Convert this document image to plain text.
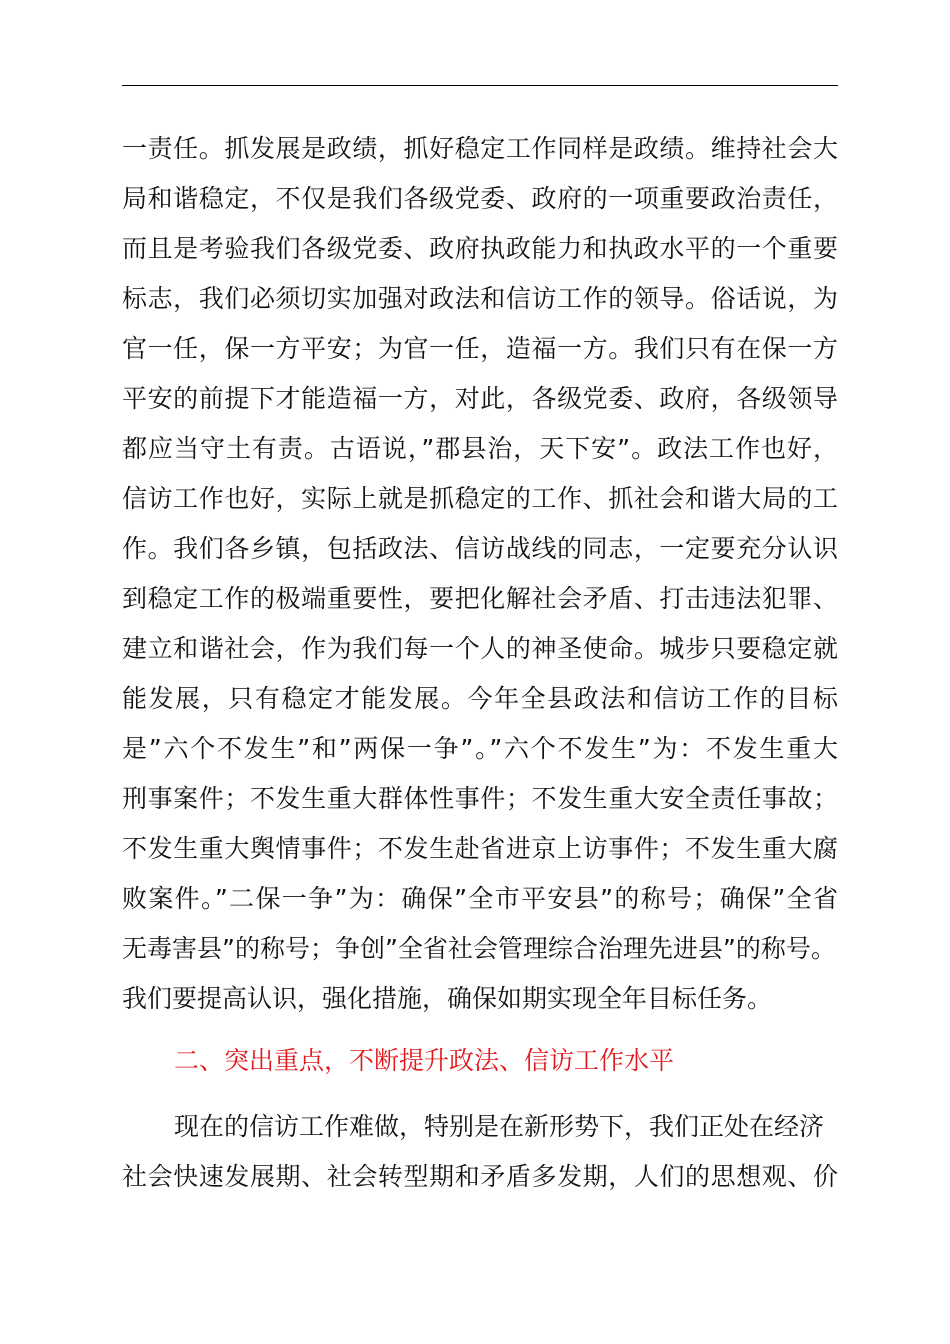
一责任。抓发展是政绩，抓好稳定工作同样是政绩。维持社会大
局和谐稳定，不仅是我们各级党委、政府的一项重要政治责任，
而且是考验我们各级党委、政府执政能力和执政水平的一个重要
标志，我们必须切实加强对政法和信访工作的领导。俗话说，为
官一任，保一方平安；为官一任，造福一方。我们只有在保一方
平安的前提下才能造福一方，对此，各级党委、政府，各级领导
都应当守土有责。古语说，”郡县治，天下安”。政法工作也好，
信访工作也好，实际上就是抓稳定的工作、抓社会和谐大局的工
作。我们各乡镇，包括政法、信访战线的同志，一定要充分认识
到稳定工作的极端重要性，要把化解社会矛盾、打击违法犯罪、
建立和谐社会，作为我们每一个人的神圣使命。城步只要稳定就
能发展，只有稳定才能发展。今年全县政法和信访工作的目标
是”六个不发生”和”两保一争”。”六个不发生”为：不发生重大
刑事案件；不发生重大群体性事件；不发生重大安全责任事故；
不发生重大舆情事件；不发生赴省进京上访事件；不发生重大腐
败案件。”二保一争”为：确保”全市平安县”的称号；确保”全省
无毒害县”的称号；争创”全省社会管理综合治理先进县”的称号。
我们要提高认识，强化措施，确保如期实现全年目标任务。
二、突出重点，不断提升政法、信访工作水平
现在的信访工作难做，特别是在新形势下，我们正处在经济
社会快速发展期、社会转型期和矛盾多发期，人们的思想观、价
